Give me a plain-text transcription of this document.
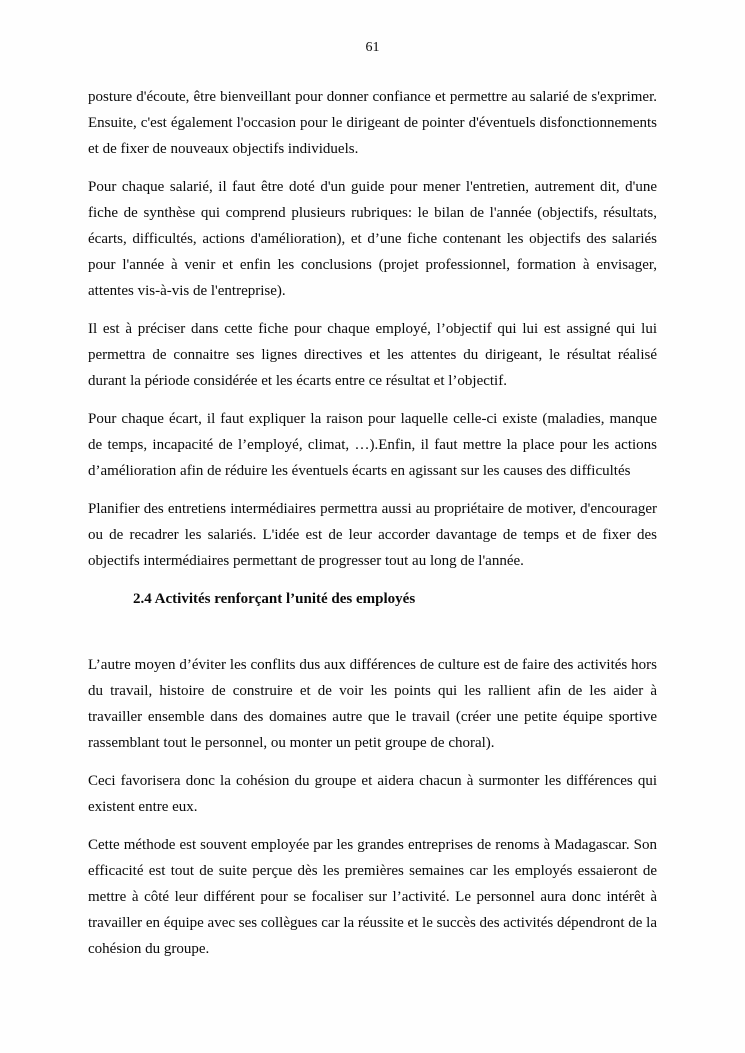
61

posture d'écoute, être bienveillant pour donner confiance et permettre au salarié de s'exprimer. Ensuite, c'est également l'occasion pour le dirigeant de pointer d'éventuels disfonctionnements et de fixer de nouveaux objectifs individuels.

Pour chaque salarié, il faut être doté d'un guide pour mener l'entretien, autrement dit, d'une fiche de synthèse qui comprend plusieurs rubriques: le bilan de l'année (objectifs, résultats, écarts, difficultés, actions d'amélioration), et d’une fiche contenant les objectifs des salariés pour l'année à venir et enfin les conclusions (projet professionnel, formation à envisager, attentes vis-à-vis de l'entreprise).

Il est à préciser dans cette fiche pour chaque employé, l’objectif qui lui est assigné qui lui permettra de connaitre ses lignes directives et les attentes du dirigeant, le résultat réalisé durant la période considérée et les écarts entre ce résultat et l’objectif.

Pour chaque écart, il faut expliquer la raison pour laquelle celle-ci existe (maladies, manque de temps, incapacité de l’employé, climat, …).Enfin, il faut mettre la place pour les actions d’amélioration afin de réduire les éventuels écarts en agissant sur les causes des difficultés

Planifier des entretiens intermédiaires permettra aussi au propriétaire de motiver, d'encourager ou de recadrer les salariés. L'idée est de leur accorder davantage de temps et de fixer des objectifs intermédiaires permettant de progresser tout au long de l'année.

2.4 Activités renforçant l’unité des employés

L’autre moyen d’éviter les conflits dus aux différences de culture est de faire des activités hors du travail, histoire de construire et de voir les points qui les rallient afin de les aider à travailler ensemble dans des domaines autre que le travail (créer une petite équipe sportive rassemblant tout le personnel, ou monter un petit groupe de choral).

Ceci favorisera donc la cohésion du groupe et aidera chacun à surmonter les différences qui existent entre eux.

Cette méthode est souvent employée par les grandes entreprises de renoms à Madagascar. Son efficacité est tout de suite perçue dès les premières semaines car les employés essaieront de mettre à côté leur différent pour se focaliser sur l’activité. Le personnel aura donc intérêt à travailler en équipe avec ses collègues car la réussite et le succès des activités dépendront de la cohésion du groupe.
